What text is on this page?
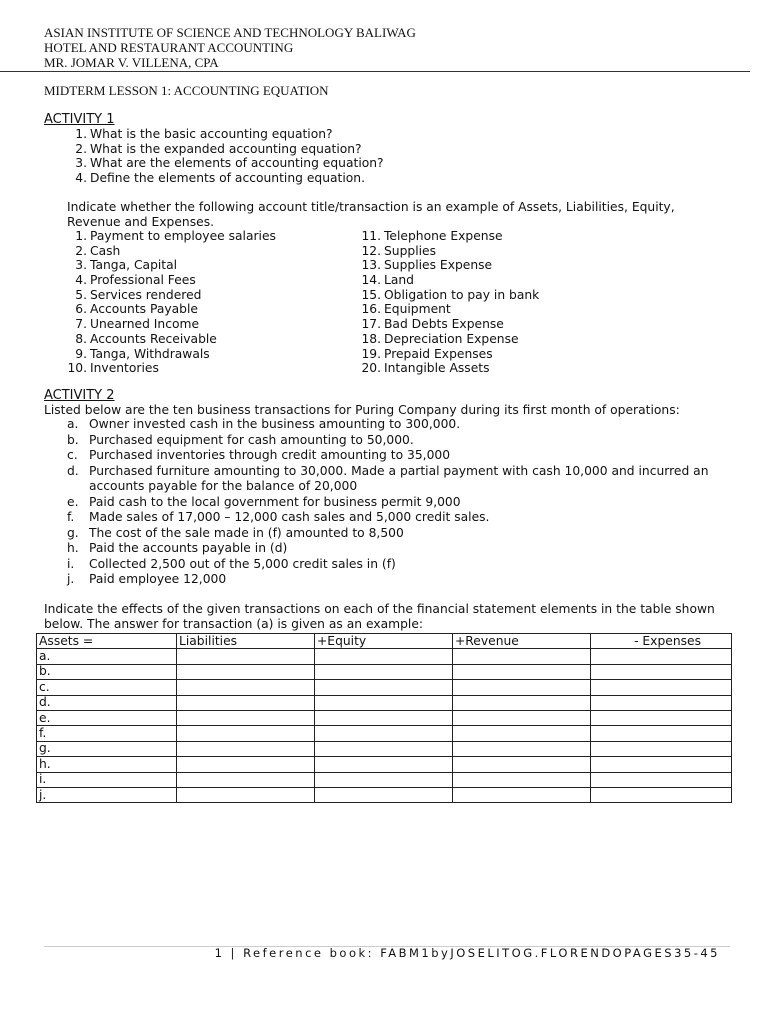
ASIAN INSTITUTE OF SCIENCE AND TECHNOLOGY BALIWAG
HOTEL AND RESTAURANT ACCOUNTING
MR. JOMAR V. VILLENA, CPA
MIDTERM LESSON 1: ACCOUNTING EQUATION
ACTIVITY 1
1. What is the basic accounting equation?
2. What is the expanded accounting equation?
3. What are the elements of accounting equation?
4. Define the elements of accounting equation.
Indicate whether the following account title/transaction is an example of Assets, Liabilities, Equity,
Revenue and Expenses.
1. Payment to employee salaries
2. Cash
3. Tanga, Capital
4. Professional Fees
5. Services rendered
6. Accounts Payable
7. Unearned Income
8. Accounts Receivable
9. Tanga, Withdrawals
10. Inventories
11. Telephone Expense
12. Supplies
13. Supplies Expense
14. Land
15. Obligation to pay in bank
16. Equipment
17. Bad Debts Expense
18. Depreciation Expense
19. Prepaid Expenses
20. Intangible Assets
ACTIVITY 2
Listed below are the ten business transactions for Puring Company during its first month of operations:
a. Owner invested cash in the business amounting to 300,000.
b. Purchased equipment for cash amounting to 50,000.
c. Purchased inventories through credit amounting to 35,000
d. Purchased furniture amounting to 30,000. Made a partial payment with cash 10,000 and incurred an accounts payable for the balance of 20,000
e. Paid cash to the local government for business permit 9,000
f. Made sales of 17,000 – 12,000 cash sales and 5,000 credit sales.
g. The cost of the sale made in (f) amounted to 8,500
h. Paid the accounts payable in (d)
i. Collected 2,500 out of the 5,000 credit sales in (f)
j. Paid employee 12,000
Indicate the effects of the given transactions on each of the financial statement elements in the table shown below. The answer for transaction (a) is given as an example:
Assets =	Liabilities	+Equity	+Revenue	- Expenses
a.				
b.				
c.				
d.				
e.				
f.				
g.				
h.				
i.				
j.				
1 | Reference book: FABM1byJOSELITOG.FLORENDOPAGES35-45
